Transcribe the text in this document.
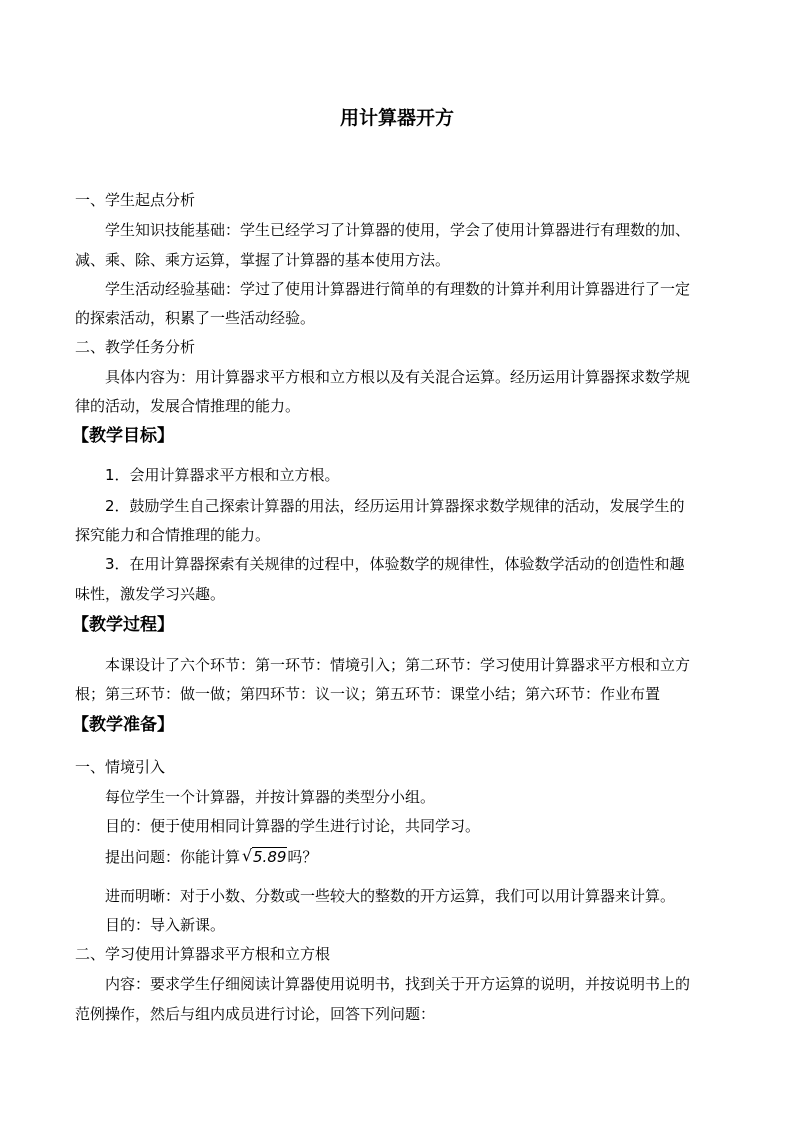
用计算器开方
一、学生起点分析
学生知识技能基础：学生已经学习了计算器的使用，学会了使用计算器进行有理数的加、
减、乘、除、乘方运算，掌握了计算器的基本使用方法。
学生活动经验基础：学过了使用计算器进行简单的有理数的计算并利用计算器进行了一定
的探索活动，积累了一些活动经验。
二、教学任务分析
具体内容为：用计算器求平方根和立方根以及有关混合运算。经历运用计算器探求数学规
律的活动，发展合情推理的能力。
【教学目标】
1．会用计算器求平方根和立方根。
2．鼓励学生自己探索计算器的用法，经历运用计算器探求数学规律的活动，发展学生的
探究能力和合情推理的能力。
3．在用计算器探索有关规律的过程中，体验数学的规律性，体验数学活动的创造性和趣
味性，激发学习兴趣。
【教学过程】
本课设计了六个环节：第一环节：情境引入；第二环节：学习使用计算器求平方根和立方
根；第三环节：做一做；第四环节：议一议；第五环节：课堂小结；第六环节：作业布置
【教学准备】
一、情境引入
每位学生一个计算器，并按计算器的类型分小组。
目的：便于使用相同计算器的学生进行讨论，共同学习。
提出问题：你能计算 √ 5.89吗？
进而明晰：对于小数、分数或一些较大的整数的开方运算，我们可以用计算器来计算。
目的：导入新课。
二、学习使用计算器求平方根和立方根
内容：要求学生仔细阅读计算器使用说明书，找到关于开方运算的说明，并按说明书上的
范例操作，然后与组内成员进行讨论，回答下列问题：
